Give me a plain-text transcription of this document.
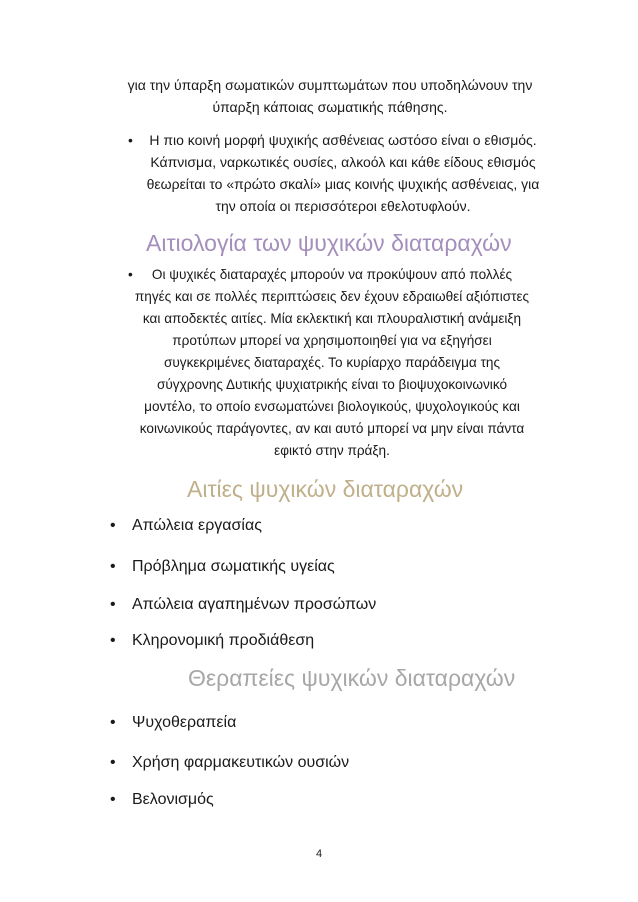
για την ύπαρξη σωματικών συμπτωμάτων που υποδηλώνουν την
ύπαρξη κάποιας σωματικής πάθησης.
•	Η πιο κοινή μορφή ψυχικής ασθένειας ωστόσο είναι ο εθισμός.
Κάπνισμα, ναρκωτικές ουσίες, αλκοόλ και κάθε είδους εθισμός
θεωρείται το «πρώτο σκαλί» μιας κοινής ψυχικής ασθένειας, για
την οποία οι περισσότεροι εθελοτυφλούν.
Αιτιολογία των ψυχικών διαταραχών
•	Οι ψυχικές διαταραχές μπορούν να προκύψουν από πολλές
πηγές και σε πολλές περιπτώσεις δεν έχουν εδραιωθεί αξιόπιστες
και αποδεκτές αιτίες. Μία εκλεκτική και πλουραλιστική ανάμειξη
προτύπων μπορεί να χρησιμοποιηθεί για να εξηγήσει
συγκεκριμένες διαταραχές. Το κυρίαρχο παράδειγμα της
σύγχρονης Δυτικής ψυχιατρικής είναι το βιοψυχοκοινωνικό
μοντέλο, το οποίο ενσωματώνει βιολογικούς, ψυχολογικούς και
κοινωνικούς παράγοντες, αν και αυτό μπορεί να μην είναι πάντα
εφικτό στην πράξη.
Αιτίες ψυχικών διαταραχών
• Απώλεια εργασίας
• Πρόβλημα σωματικής υγείας
• Απώλεια αγαπημένων προσώπων
• Κληρονομική προδιάθεση
Θεραπείες ψυχικών διαταραχών
• Ψυχοθεραπεία
• Χρήση φαρμακευτικών ουσιών
• Βελονισμός
4
